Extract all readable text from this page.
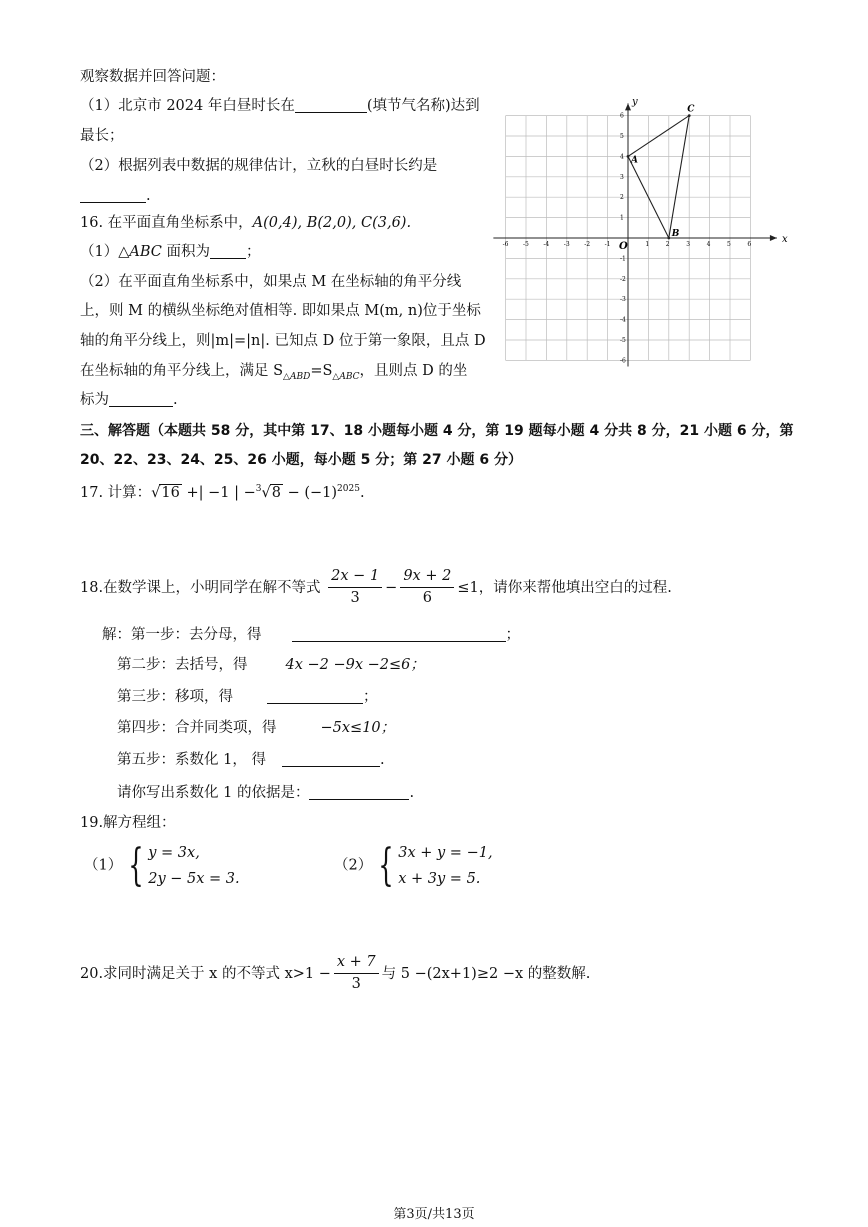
观察数据并回答问题：
（1）北京市 2024 年白昼时长在	(填节气名称)达到
最长；
（2）根据列表中数据的规律估计，立秋的白昼时长约是
.
16. 在平面直角坐标系中，A(0,4), B(2,0), C(3,6).
（1）△ABC 面积为 ；
（2）在平面直角坐标系中，如果点 M 在坐标轴的角平分线
上，则 M 的横纵坐标绝对值相等. 即如果点 M(m, n)位于坐标
轴的角平分线上，则|m|=|n|. 已知点 D 位于第一象限，且点 D
在坐标轴的角平分线上，满足 $S_{\triangle ABD}=S_{\triangle ABC}$，且则点 D 的坐
标为	.
x
y
O
-6 -5 -4 -3 -2 -1	1	2	3	4	5	6
6
5
4
3
2
1
-1
-2
-3
-4
-5
-6
A
B
C
三、解答题（本题共 58 分，其中第 17、18 小题每小题 4 分，第 19 题每小题 4 分共 8 分，21 小题 6 分，第
20、22、23、24、25、26 小题，每小题 5 分；第 27 小题 6 分）
17. 计算：√16 +| −1 | $-^3√8 - (-1)^{2025}$.
18.在数学课上，小明同学在解不等式 $\frac{2x - 1}{3} - \frac{9x + 2}{6} \le 1$，请你来帮他填出空白的过程.
解：第一步：去分母，得	；
第二步：去括号，得	4x −2 −9x −2≤6；
第三步：移项，得	；
第四步：合并同类项，得	−5x≤10；
第五步：系数化 1， 得	.
请你写出系数化 1 的依据是：	.
19.解方程组：
（1） { y = 3x,
2y − 5x = 3.
（2） { 3x + y = −1,
x + 3y = 5.
20.求同时满足关于 x 的不等式 $x>1 - \frac{x + 7}{3}$ 与 5 −(2x+1)≥2 −x 的整数解.
第3页/共13页
